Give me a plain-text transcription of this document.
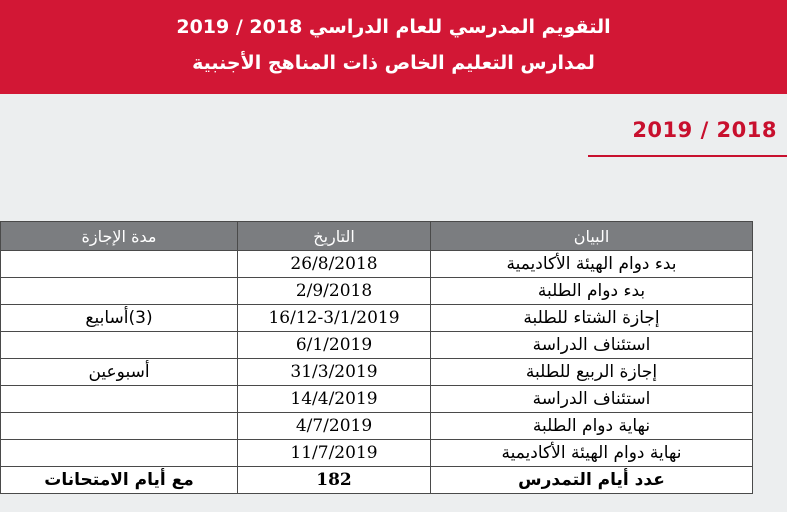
التقويم المدرسي للعام الدراسي 2018 / 2019
لمدارس التعليم الخاص ذات المناهج الأجنبية
2019 / 2018
مدة الإجازة	التاريخ	البيان
	26/8/2018	بدء دوام الهيئة الأكاديمية
	2/9/2018	بدء دوام الطلبة
(3)أسابيع	16/12-3/1/2019	إجازة الشتاء للطلبة
	6/1/2019	استئناف الدراسة
أسبوعين	31/3/2019	إجازة الربيع للطلبة
	14/4/2019	استئناف الدراسة
	4/7/2019	نهاية دوام الطلبة
	11/7/2019	نهاية دوام الهيئة الأكاديمية
مع أيام الامتحانات	182	عدد أيام التمدرس
